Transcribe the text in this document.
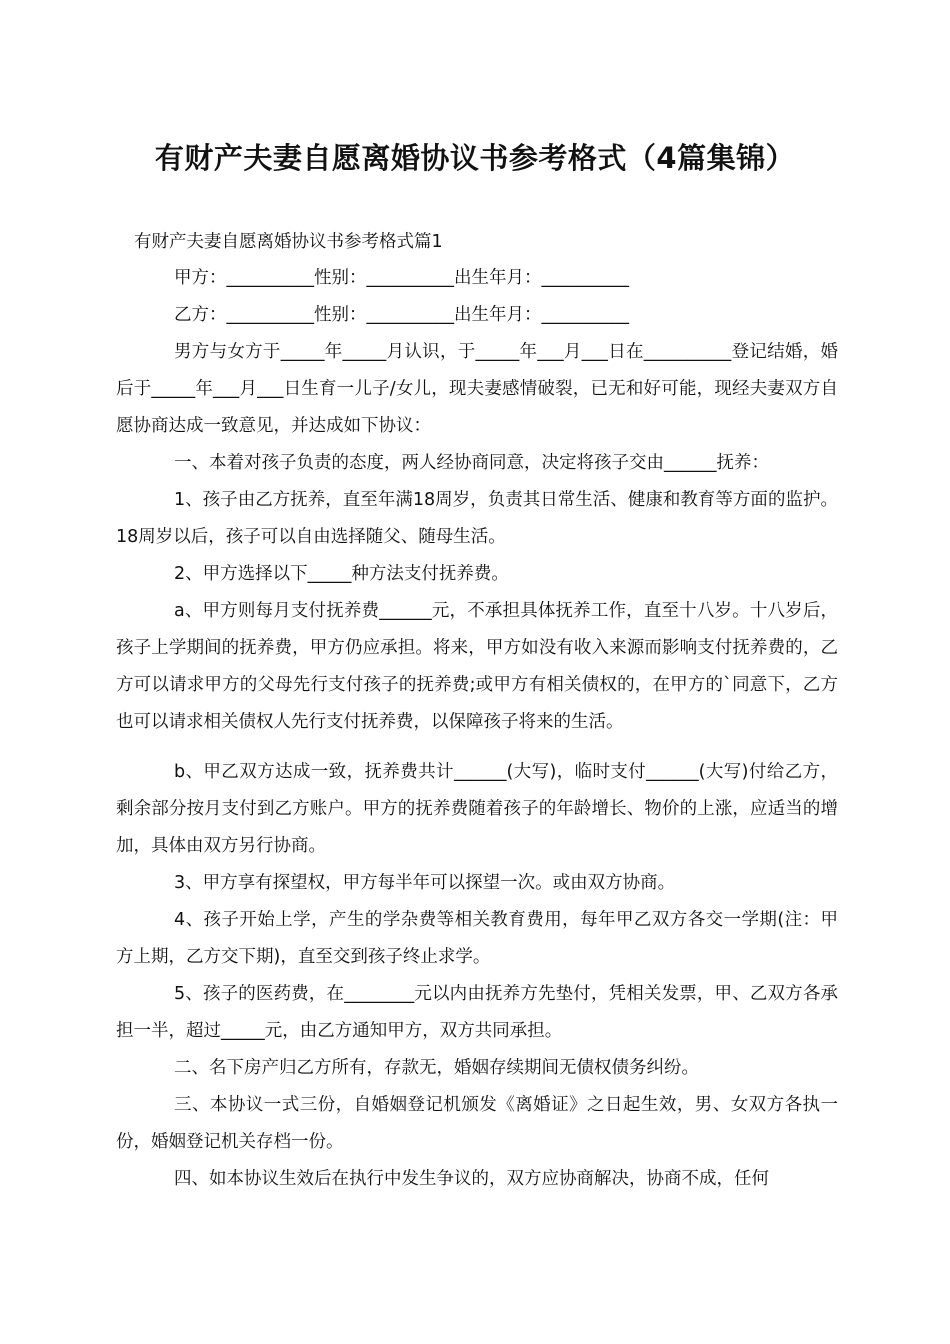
有财产夫妻自愿离婚协议书参考格式（4篇集锦）

有财产夫妻自愿离婚协议书参考格式篇1

甲方：__________性别：__________出生年月：__________

乙方：__________性别：__________出生年月：__________

男方与女方于_____年_____月认识，于_____年___月___日在__________登记结婚，婚后于_____年___月___日生育一儿子/女儿，现夫妻感情破裂，已无和好可能，现经夫妻双方自愿协商达成一致意见，并达成如下协议：

一、本着对孩子负责的态度，两人经协商同意，决定将孩子交由______抚养：

1、孩子由乙方抚养，直至年满18周岁，负责其日常生活、健康和教育等方面的监护。18周岁以后，孩子可以自由选择随父、随母生活。

2、甲方选择以下_____种方法支付抚养费。

a、甲方则每月支付抚养费______元，不承担具体抚养工作，直至十八岁。十八岁后，孩子上学期间的抚养费，甲方仍应承担。将来，甲方如没有收入来源而影响支付抚养费的，乙方可以请求甲方的父母先行支付孩子的抚养费;或甲方有相关债权的，在甲方的`同意下，乙方也可以请求相关债权人先行支付抚养费，以保障孩子将来的生活。

b、甲乙双方达成一致，抚养费共计______(大写)，临时支付______(大写)付给乙方，剩余部分按月支付到乙方账户。甲方的抚养费随着孩子的年龄增长、物价的上涨，应适当的增加，具体由双方另行协商。

3、甲方享有探望权，甲方每半年可以探望一次。或由双方协商。

4、孩子开始上学，产生的学杂费等相关教育费用，每年甲乙双方各交一学期(注：甲方上期，乙方交下期)，直至交到孩子终止求学。

5、孩子的医药费，在________元以内由抚养方先垫付，凭相关发票，甲、乙双方各承担一半，超过_____元，由乙方通知甲方，双方共同承担。

二、名下房产归乙方所有，存款无，婚姻存续期间无债权债务纠纷。

三、本协议一式三份，自婚姻登记机颁发《离婚证》之日起生效，男、女双方各执一份，婚姻登记机关存档一份。

四、如本协议生效后在执行中发生争议的，双方应协商解决，协商不成，任何
